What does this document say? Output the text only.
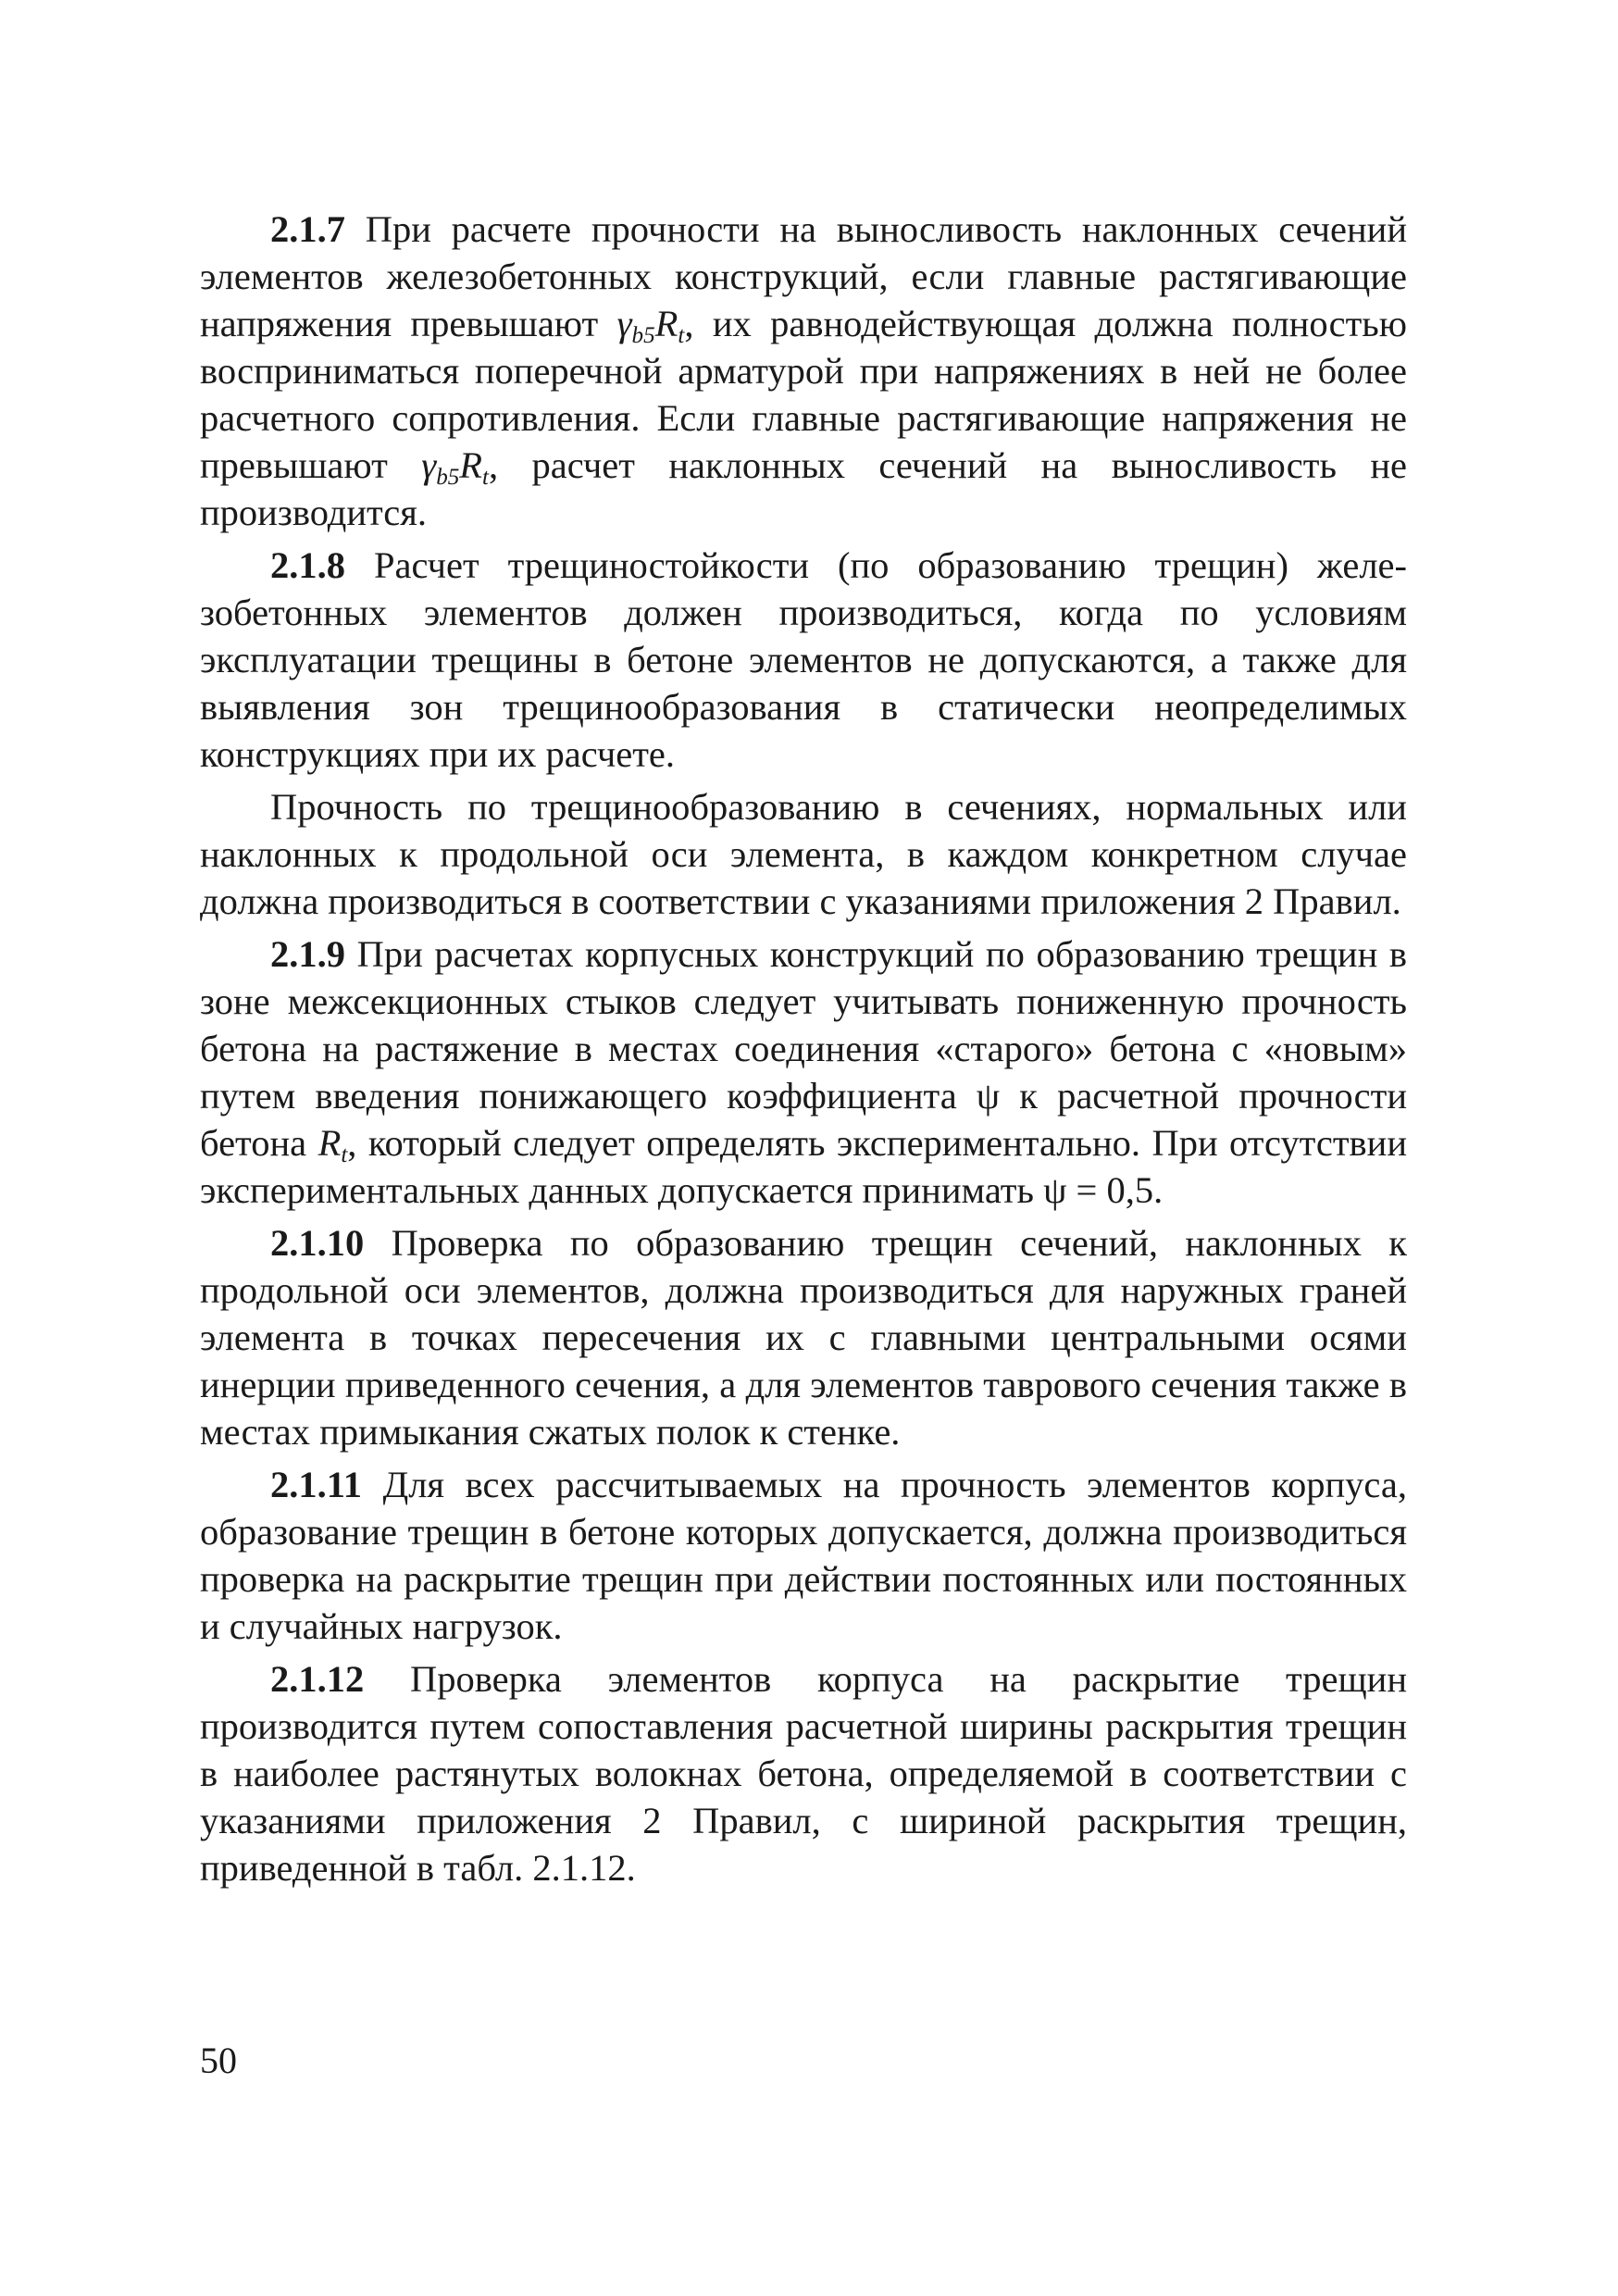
2.1.7 При расчете прочности на выносливость наклонных сечений элементов железобетонных конструкций, если главные растягивающие напряжения превышают $\gamma_{b5}R_t$, их равнодействующая должна полностью восприниматься поперечной арматурой при напряжениях в ней не более расчетного сопротивления. Если главные растягивающие напряжения не превышают $\gamma_{b5}R_t$, расчет наклонных сечений на выносливость не производится.

2.1.8 Расчет трещиностойкости (по образованию трещин) железобетонных элементов должен производиться, когда по условиям эксплуатации трещины в бетоне элементов не допускаются, а также для выявления зон трещинообразования в статически неопределимых конструкциях при их расчете.

Прочность по трещинообразованию в сечениях, нормальных или наклонных к продольной оси элемента, в каждом конкретном случае должна производиться в соответствии с указаниями приложения 2 Правил.

2.1.9 При расчетах корпусных конструкций по образованию трещин в зоне межсекционных стыков следует учитывать пониженную прочность бетона на растяжение в местах соединения «старого» бетона с «новым» путем введения понижающего коэффициента ψ к расчетной прочности бетона $R_t$, который следует определять экспериментально. При отсутствии экспериментальных данных допускается принимать ψ = 0,5.

2.1.10 Проверка по образованию трещин сечений, наклонных к продольной оси элементов, должна производиться для наружных граней элемента в точках пересечения их с главными центральными осями инерции приведенного сечения, а для элементов таврового сечения также в местах примыкания сжатых полок к стенке.

2.1.11 Для всех рассчитываемых на прочность элементов корпуса, образование трещин в бетоне которых допускается, должна производиться проверка на раскрытие трещин при действии постоянных или постоянных и случайных нагрузок.

2.1.12 Проверка элементов корпуса на раскрытие трещин производится путем сопоставления расчетной ширины раскрытия трещин в наиболее растянутых волокнах бетона, определяемой в соответствии с указаниями приложения 2 Правил, с шириной раскрытия трещин, приведенной в табл. 2.1.12.

50
